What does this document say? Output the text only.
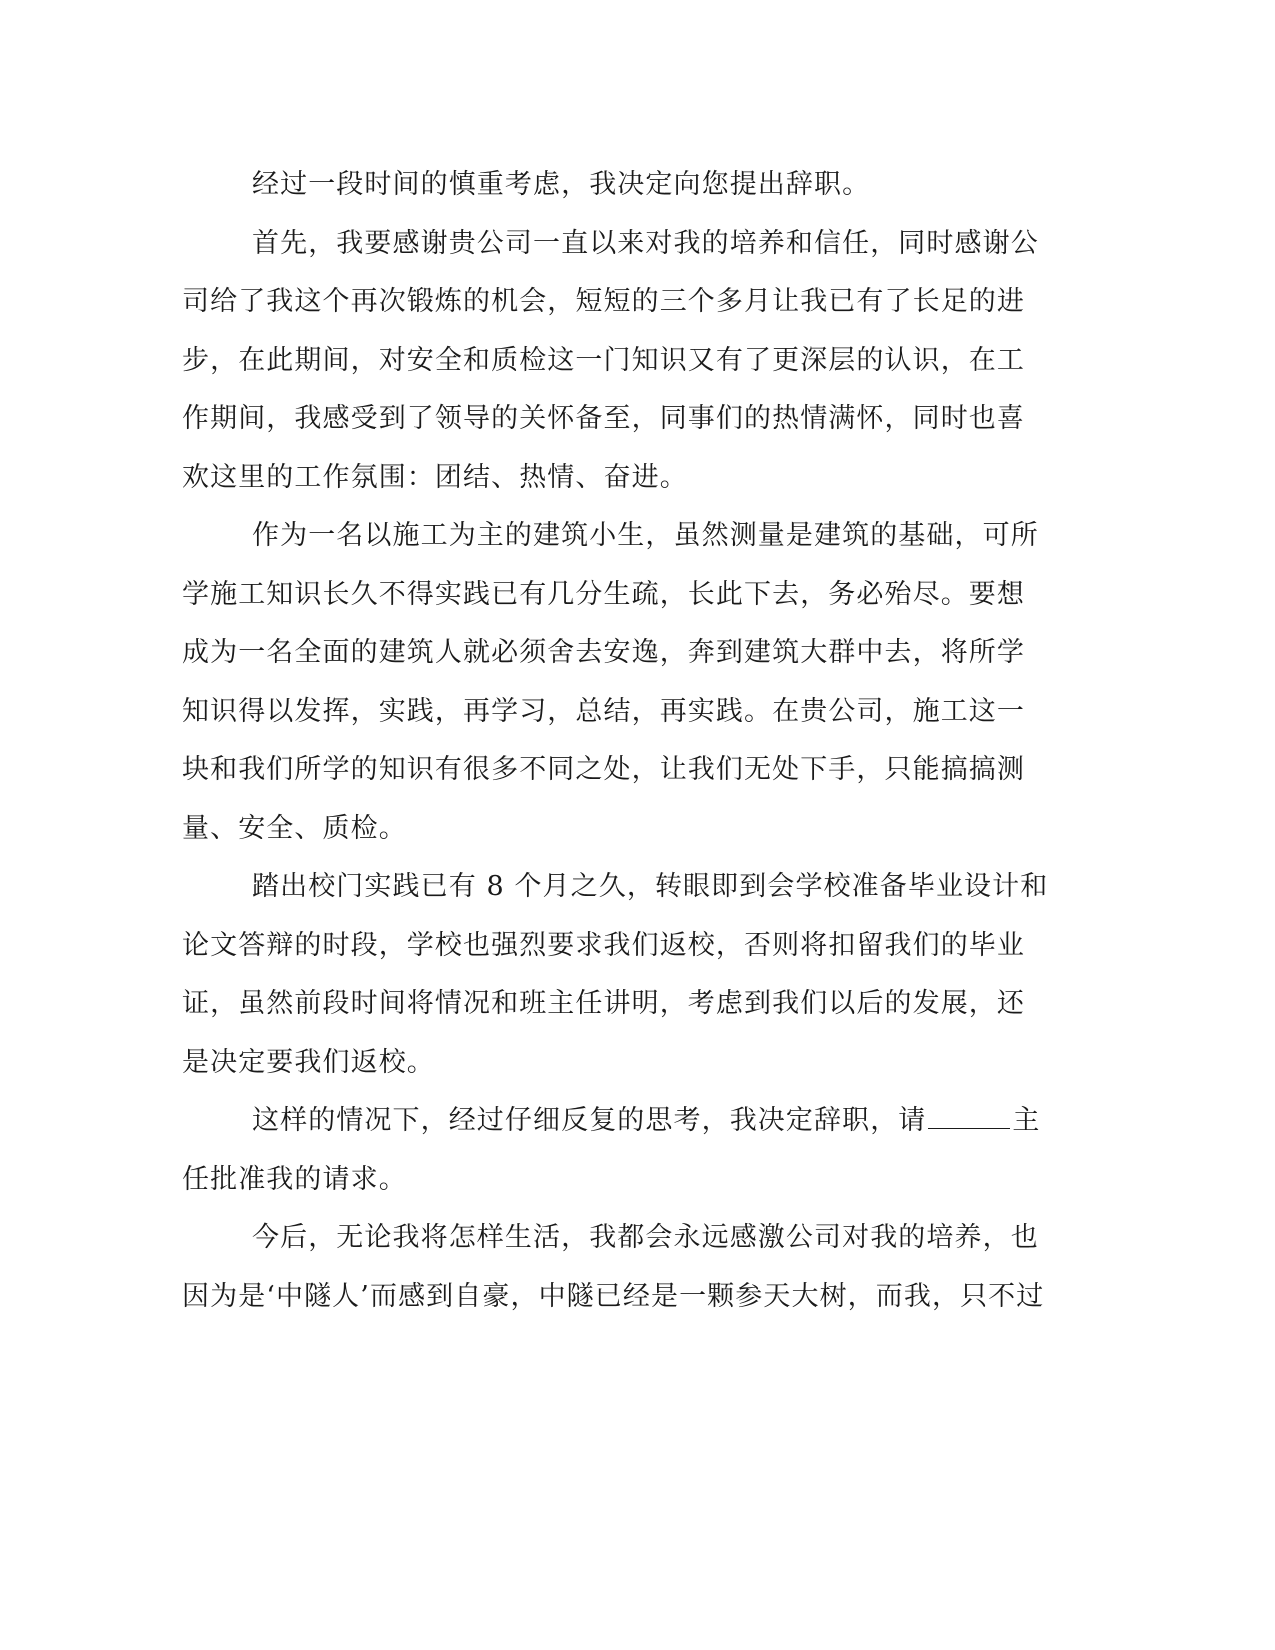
经过一段时间的慎重考虑，我决定向您提出辞职。

首先，我要感谢贵公司一直以来对我的培养和信任，同时感谢公
司给了我这个再次锻炼的机会，短短的三个多月让我已有了长足的进
步，在此期间，对安全和质检这一门知识又有了更深层的认识，在工
作期间，我感受到了领导的关怀备至，同事们的热情满怀，同时也喜
欢这里的工作氛围：团结、热情、奋进。

作为一名以施工为主的建筑小生，虽然测量是建筑的基础，可所
学施工知识长久不得实践已有几分生疏，长此下去，务必殆尽。要想
成为一名全面的建筑人就必须舍去安逸，奔到建筑大群中去，将所学
知识得以发挥，实践，再学习，总结，再实践。在贵公司，施工这一
块和我们所学的知识有很多不同之处，让我们无处下手，只能搞搞测
量、安全、质检。

踏出校门实践已有 8 个月之久，转眼即到会学校准备毕业设计和
论文答辩的时段，学校也强烈要求我们返校，否则将扣留我们的毕业
证，虽然前段时间将情况和班主任讲明，考虑到我们以后的发展，还
是决定要我们返校。

这样的情况下，经过仔细反复的思考，我决定辞职，请	主
任批准我的请求。

今后，无论我将怎样生活，我都会永远感激公司对我的培养，也
因为是‘中隧人’而感到自豪，中隧已经是一颗参天大树，而我，只不过
